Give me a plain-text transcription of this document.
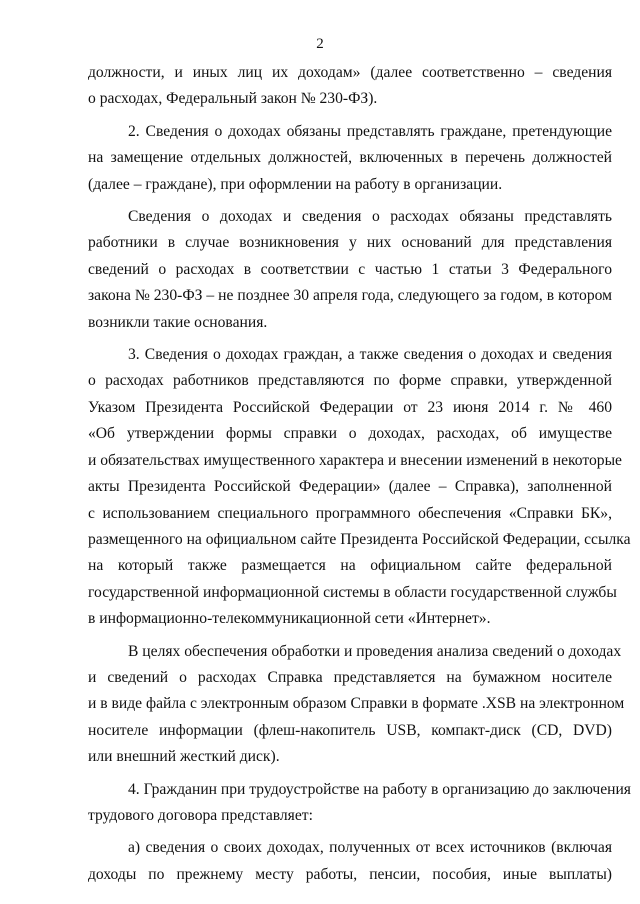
2
должности, и иных лиц их доходам» (далее соответственно – сведения
о расходах, Федеральный закон № 230-ФЗ).
2. Сведения о доходах обязаны представлять граждане, претендующие
на замещение отдельных должностей, включенных в перечень должностей
(далее – граждане), при оформлении на работу в организации.
Сведения о доходах и сведения о расходах обязаны представлять
работники в случае возникновения у них оснований для представления
сведений о расходах в соответствии с частью 1 статьи 3 Федерального
закона № 230-ФЗ – не позднее 30 апреля года, следующего за годом, в котором
возникли такие основания.
3. Сведения о доходах граждан, а также сведения о доходах и сведения
о расходах работников представляются по форме справки, утвержденной
Указом Президента Российской Федерации от 23 июня 2014 г. № 460
«Об утверждении формы справки о доходах, расходах, об имуществе
и обязательствах имущественного характера и внесении изменений в некоторые
акты Президента Российской Федерации» (далее – Справка), заполненной
с использованием специального программного обеспечения «Справки БК»,
размещенного на официальном сайте Президента Российской Федерации, ссылка
на который также размещается на официальном сайте федеральной
государственной информационной системы в области государственной службы
в информационно-телекоммуникационной сети «Интернет».
В целях обеспечения обработки и проведения анализа сведений о доходах
и сведений о расходах Справка представляется на бумажном носителе
и в виде файла с электронным образом Справки в формате .XSB на электронном
носителе информации (флеш-накопитель USB, компакт-диск (CD, DVD)
или внешний жесткий диск).
4. Гражданин при трудоустройстве на работу в организацию до заключения
трудового договора представляет:
а) сведения о своих доходах, полученных от всех источников (включая
доходы по прежнему месту работы, пенсии, пособия, иные выплаты)
